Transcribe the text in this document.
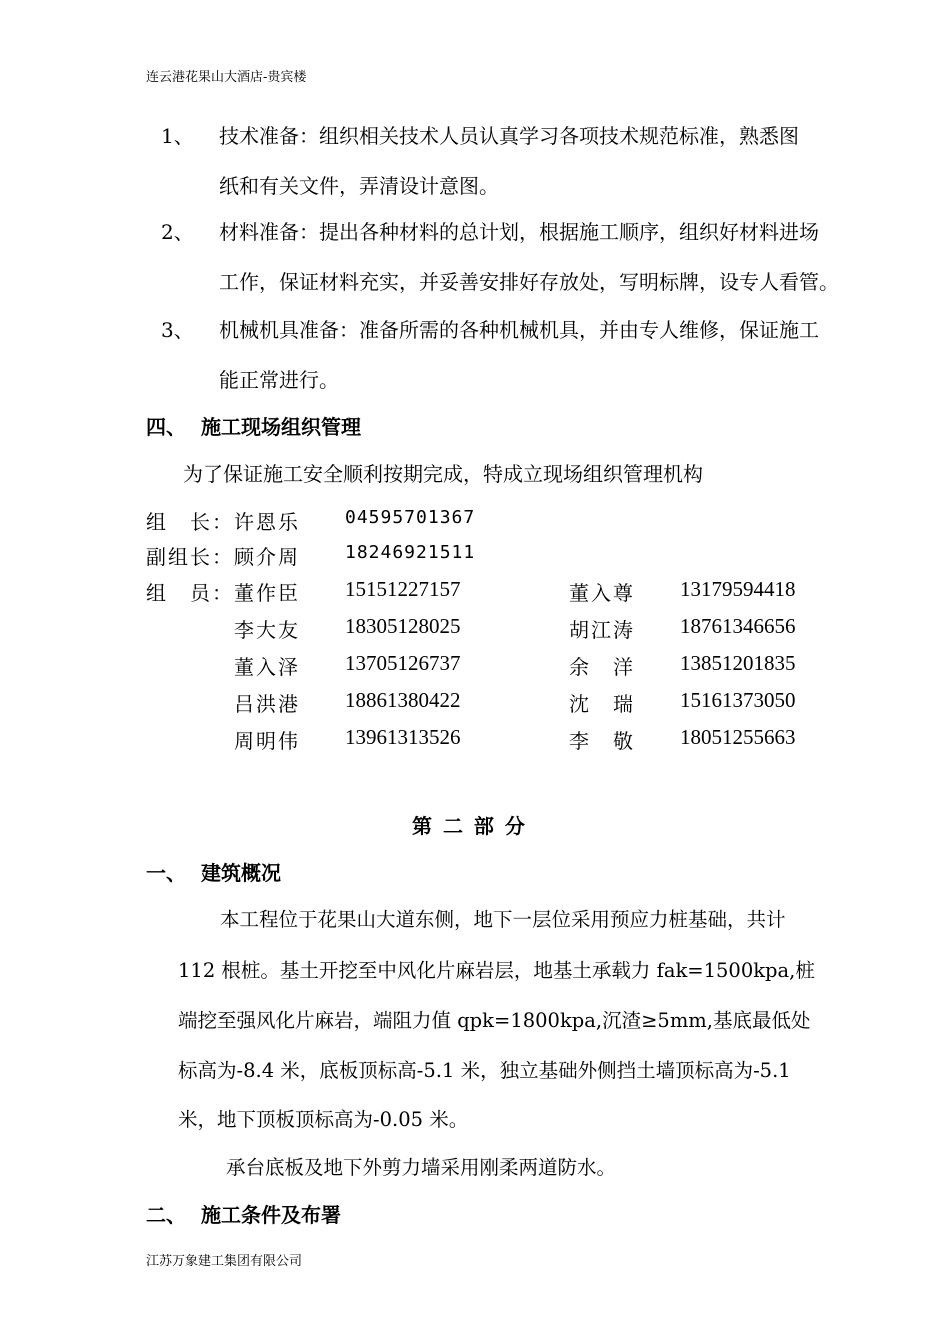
连云港花果山大酒店-贵宾楼
1、 技术准备：组织相关技术人员认真学习各项技术规范标准，熟悉图
纸和有关文件，弄清设计意图。
2、 材料准备：提出各种材料的总计划，根据施工顺序，组织好材料进场
工作，保证材料充实，并妥善安排好存放处，写明标牌，设专人看管。
3、 机械机具准备：准备所需的各种机械机具，并由专人维修，保证施工
能正常进行。
四、 施工现场组织管理
为了保证施工安全顺利按期完成，特成立现场组织管理机构
组　长： 许恩乐	04595701367
副组长： 顾介周	18246921511
组　员： 董作臣 15151227157	董入尊 13179594418
李大友 18305128025	胡江涛 18761346656
董入泽 13705126737	余　洋 13851201835
吕洪港 18861380422	沈　瑞 15161373050
周明伟 13961313526	李　敬 18051255663
第 二 部 分
一、 建筑概况
本工程位于花果山大道东侧，地下一层位采用预应力桩基础，共计
112 根桩。基土开挖至中风化片麻岩层，地基土承载力 fak=1500kpa,桩
端挖至强风化片麻岩，端阻力值 qpk=1800kpa,沉渣≥5mm,基底最低处
标高为-8.4 米，底板顶标高-5.1 米，独立基础外侧挡土墙顶标高为-5.1
米，地下顶板顶标高为-0.05 米。
承台底板及地下外剪力墙采用刚柔两道防水。
二、 施工条件及布署
江苏万象建工集团有限公司
